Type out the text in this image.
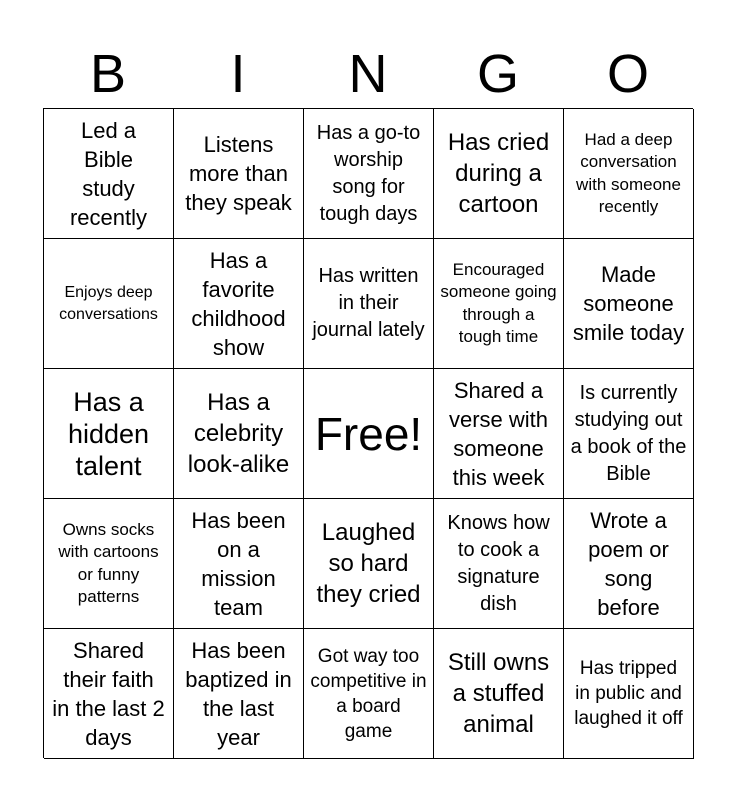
B	I	N	G	O
Led a Bible study recently
Listens more than they speak
Has a go-to worship song for tough days
Has cried during a cartoon
Had a deep conversation with someone recently
Enjoys deep conversations
Has a favorite childhood show
Has written in their journal lately
Encouraged someone going through a tough time
Made someone smile today
Has a hidden talent
Has a celebrity look-alike
Free!
Shared a verse with someone this week
Is currently studying out a book of the Bible
Owns socks with cartoons or funny patterns
Has been on a mission team
Laughed so hard they cried
Knows how to cook a signature dish
Wrote a poem or song before
Shared their faith in the last 2 days
Has been baptized in the last year
Got way too competitive in a board game
Still owns a stuffed animal
Has tripped in public and laughed it off
